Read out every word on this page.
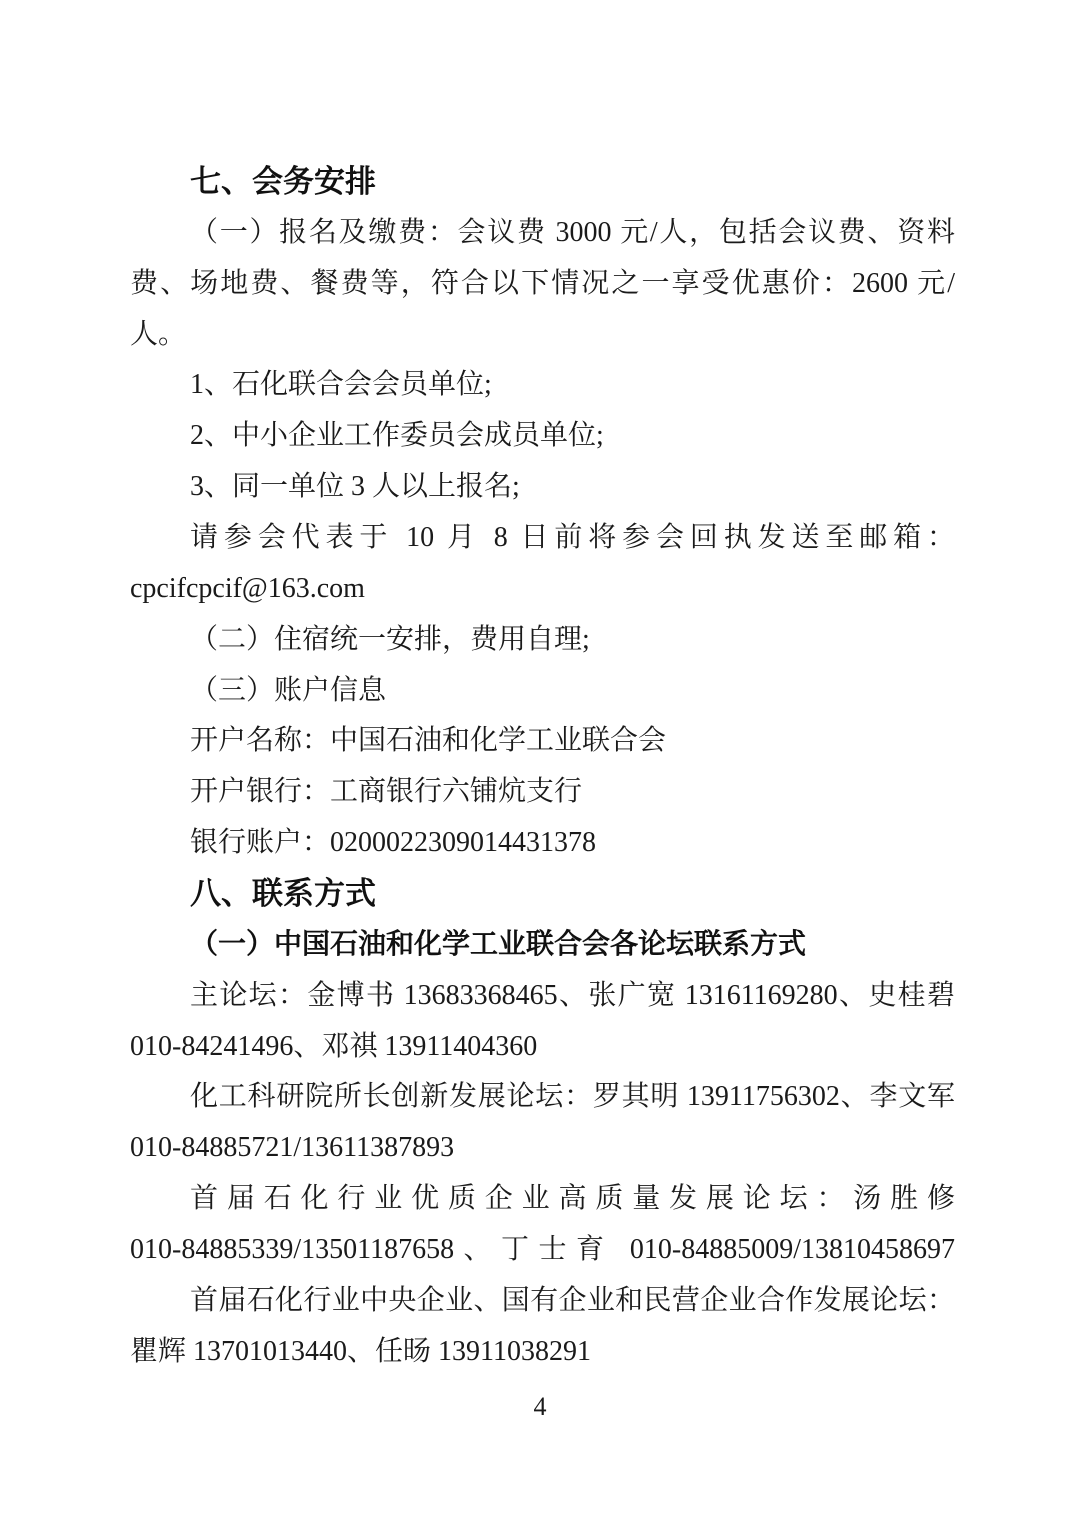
七、会务安排
（一）报名及缴费：会议费 3000 元/人，包括会议费、资料
费、场地费、餐费等，符合以下情况之一享受优惠价：2600 元/
人。
1、石化联合会会员单位;
2、中小企业工作委员会成员单位;
3、同一单位 3 人以上报名;
请参会代表于 10 月 8 日前将参会回执发送至邮箱：
cpcifcpcif@163.com
（二）住宿统一安排，费用自理;
（三）账户信息
开户名称：中国石油和化学工业联合会
开户银行：工商银行六铺炕支行
银行账户：0200022309014431378
八、联系方式
（一）中国石油和化学工业联合会各论坛联系方式
主论坛：金博书 13683368465、张广宽 13161169280、史桂碧
010-84241496、邓祺 13911404360
化工科研院所长创新发展论坛：罗其明 13911756302、李文军
010-84885721/13611387893
首届石化行业优质企业高质量发展论坛：汤胜修
010-84885339/13501187658、丁士育 010-84885009/13810458697
首届石化行业中央企业、国有企业和民营企业合作发展论坛：
瞿辉 13701013440、任旸 13911038291
4
